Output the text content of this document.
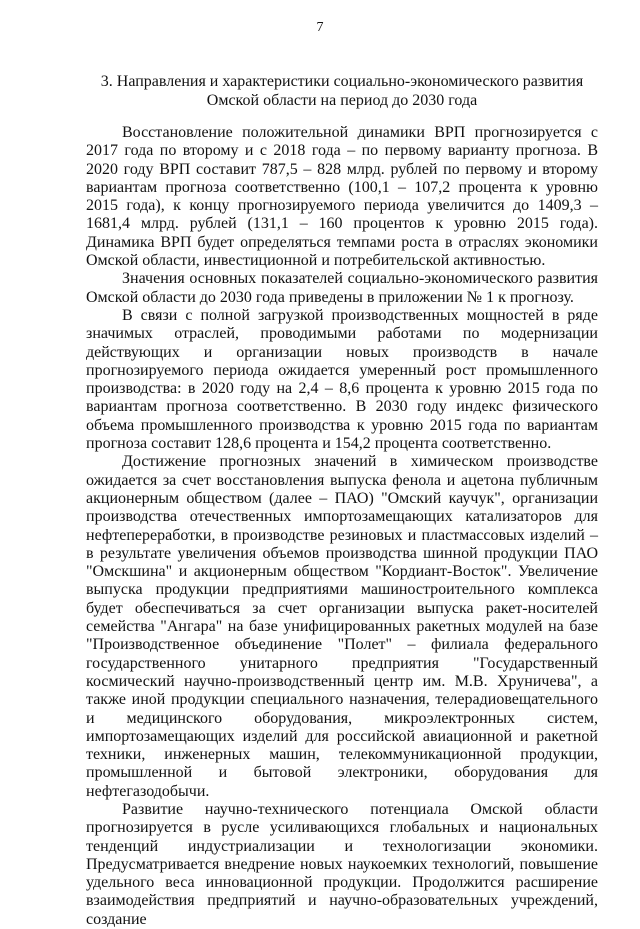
7
3. Направления и характеристики социально-экономического развития
Омской области на период до 2030 года

Восстановление положительной динамики ВРП прогнозируется с 2017 года по второму и с 2018 года – по первому варианту прогноза. В 2020 году ВРП составит 787,5 – 828 млрд. рублей по первому и второму вариантам прогноза соответственно (100,1 – 107,2 процента к уровню 2015 года), к концу прогнозируемого периода увеличится до 1409,3 – 1681,4 млрд. рублей (131,1 – 160 процентов к уровню 2015 года). Динамика ВРП будет определяться темпами роста в отраслях экономики Омской области, инвестиционной и потребительской активностью.

Значения основных показателей социально-экономического развития Омской области до 2030 года приведены в приложении № 1 к прогнозу.

В связи с полной загрузкой производственных мощностей в ряде значимых отраслей, проводимыми работами по модернизации действующих и организации новых производств в начале прогнозируемого периода ожидается умеренный рост промышленного производства: в 2020 году на 2,4 – 8,6 процента к уровню 2015 года по вариантам прогноза соответственно. В 2030 году индекс физического объема промышленного производства к уровню 2015 года по вариантам прогноза составит 128,6 процента и 154,2 процента соответственно.

Достижение прогнозных значений в химическом производстве ожидается за счет восстановления выпуска фенола и ацетона публичным акционерным обществом (далее – ПАО) "Омский каучук", организации производства отечественных импортозамещающих катализаторов для нефтепереработки, в производстве резиновых и пластмассовых изделий – в результате увеличения объемов производства шинной продукции ПАО "Омскшина" и акционерным обществом "Кордиант-Восток". Увеличение выпуска продукции предприятиями машиностроительного комплекса будет обеспечиваться за счет организации выпуска ракет-носителей семейства "Ангара" на базе унифицированных ракетных модулей на базе "Производственное объединение "Полет" – филиала федерального государственного унитарного предприятия "Государственный космический научно-производственный центр им. М.В. Хруничева", а также иной продукции специального назначения, телерадиовещательного и медицинского оборудования, микроэлектронных систем, импортозамещающих изделий для российской авиационной и ракетной техники, инженерных машин, телекоммуникационной продукции, промышленной и бытовой электроники, оборудования для нефтегазодобычи.

Развитие научно-технического потенциала Омской области прогнозируется в русле усиливающихся глобальных и национальных тенденций индустриализации и технологизации экономики. Предусматривается внедрение новых наукоемких технологий, повышение удельного веса инновационной продукции. Продолжится расширение взаимодействия предприятий и научно-образовательных учреждений, создание
